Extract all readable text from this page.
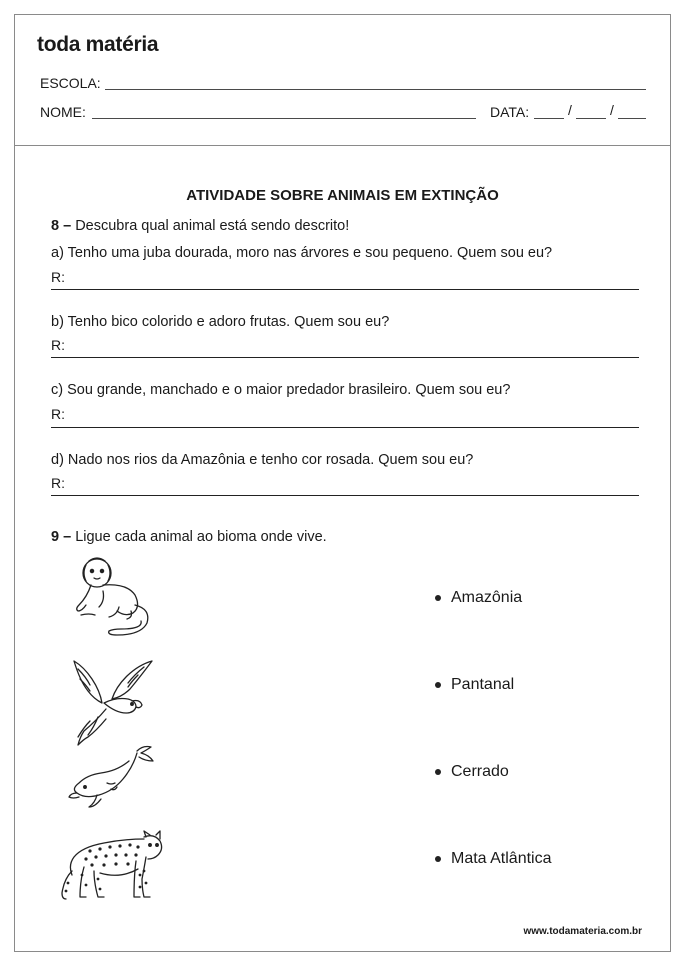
toda matéria
ESCOLA:
NOME:	DATA:	/	/
ATIVIDADE SOBRE ANIMAIS EM EXTINÇÃO
8 – Descubra qual animal está sendo descrito!
a) Tenho uma juba dourada, moro nas árvores e sou pequeno. Quem sou eu?
R:
b) Tenho bico colorido e adoro frutas. Quem sou eu?
R:
c) Sou grande, manchado e o maior predador brasileiro. Quem sou eu?
R:
d) Nado nos rios da Amazônia e tenho cor rosada. Quem sou eu?
R:
9 – Ligue cada animal ao bioma onde vive.
Amazônia
Pantanal
Cerrado
Mata Atlântica
www.todamateria.com.br
